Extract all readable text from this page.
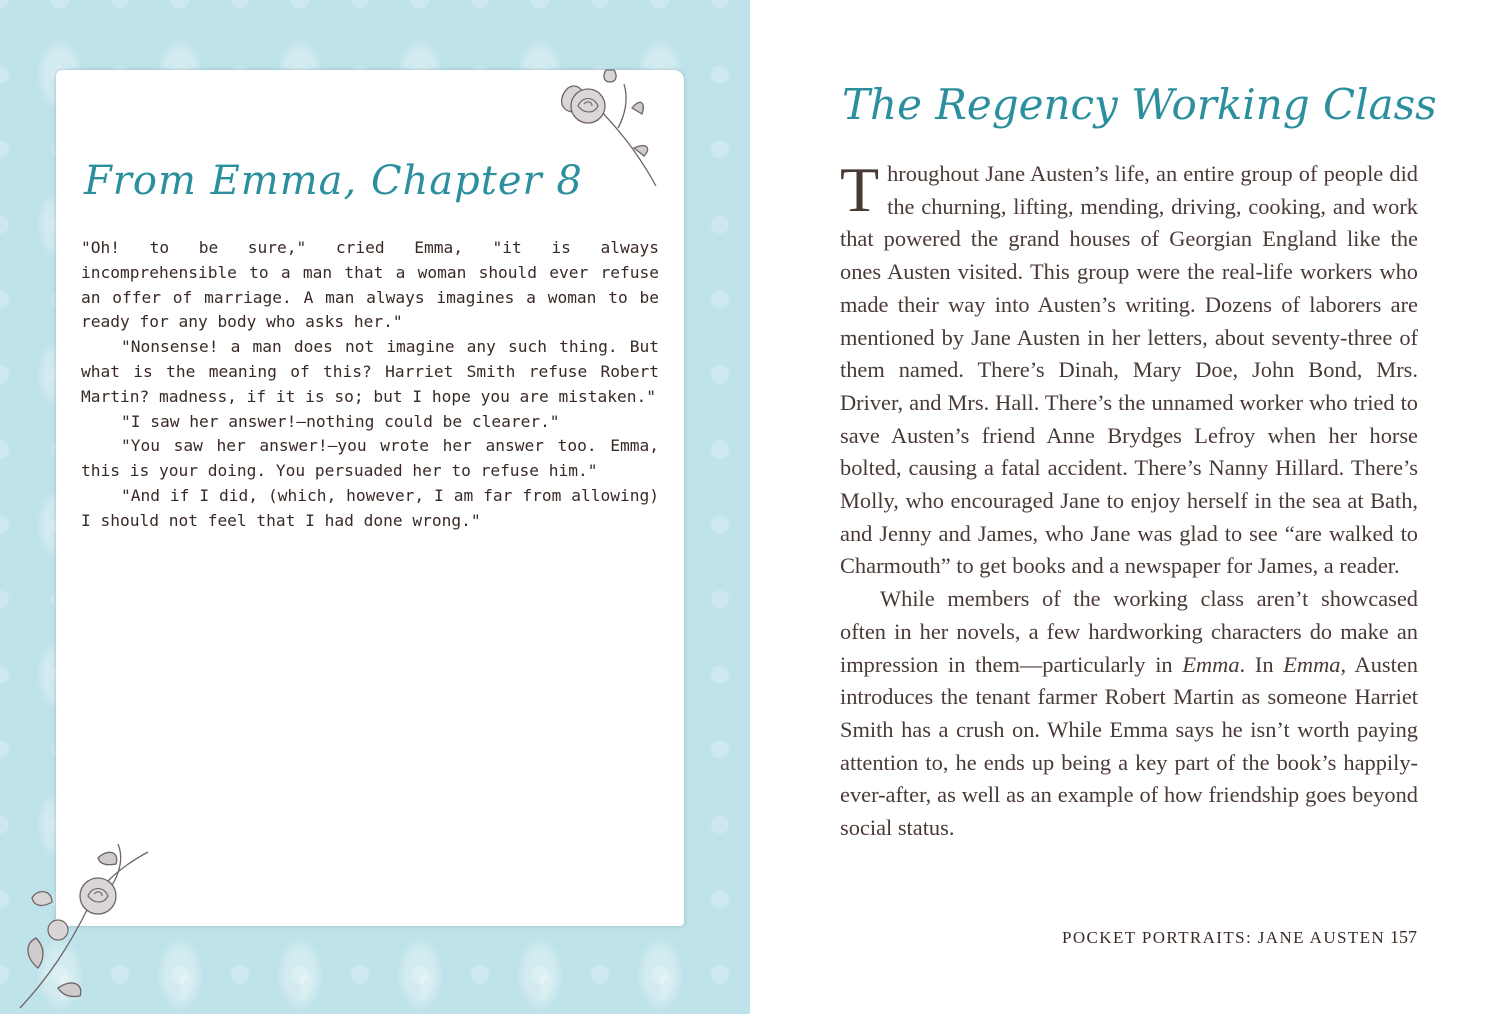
From Emma, Chapter 8

"Oh! to be sure," cried Emma, "it is always incomprehensible to a man that a woman should ever refuse an offer of marriage. A man always imagines a woman to be ready for any body who asks her."

"Nonsense! a man does not imagine any such thing. But what is the meaning of this? Harriet Smith refuse Robert Martin? madness, if it is so; but I hope you are mistaken."

"I saw her answer!—nothing could be clearer."

"You saw her answer!—you wrote her answer too. Emma, this is your doing. You persuaded her to refuse him."

"And if I did, (which, however, I am far from allowing) I should not feel that I had done wrong."

The Regency Working Class

Throughout Jane Austen’s life, an entire group of people did the churning, lifting, mending, driving, cooking, and work that powered the grand houses of Georgian England like the ones Austen visited. This group were the real-life workers who made their way into Austen’s writing. Dozens of laborers are mentioned by Jane Austen in her letters, about seventy-three of them named. There’s Dinah, Mary Doe, John Bond, Mrs. Driver, and Mrs. Hall. There’s the unnamed worker who tried to save Austen’s friend Anne Brydges Lefroy when her horse bolted, causing a fatal accident. There’s Nanny Hillard. There’s Molly, who encouraged Jane to enjoy herself in the sea at Bath, and Jenny and James, who Jane was glad to see “are walked to Charmouth” to get books and a newspaper for James, a reader.

While members of the working class aren’t showcased often in her novels, a few hardworking characters do make an impression in them—particularly in Emma. In Emma, Austen introduces the tenant farmer Robert Martin as someone Harriet Smith has a crush on. While Emma says he isn’t worth paying attention to, he ends up being a key part of the book’s happily-ever-after, as well as an example of how friendship goes beyond social status.

POCKET PORTRAITS: JANE AUSTEN 157
